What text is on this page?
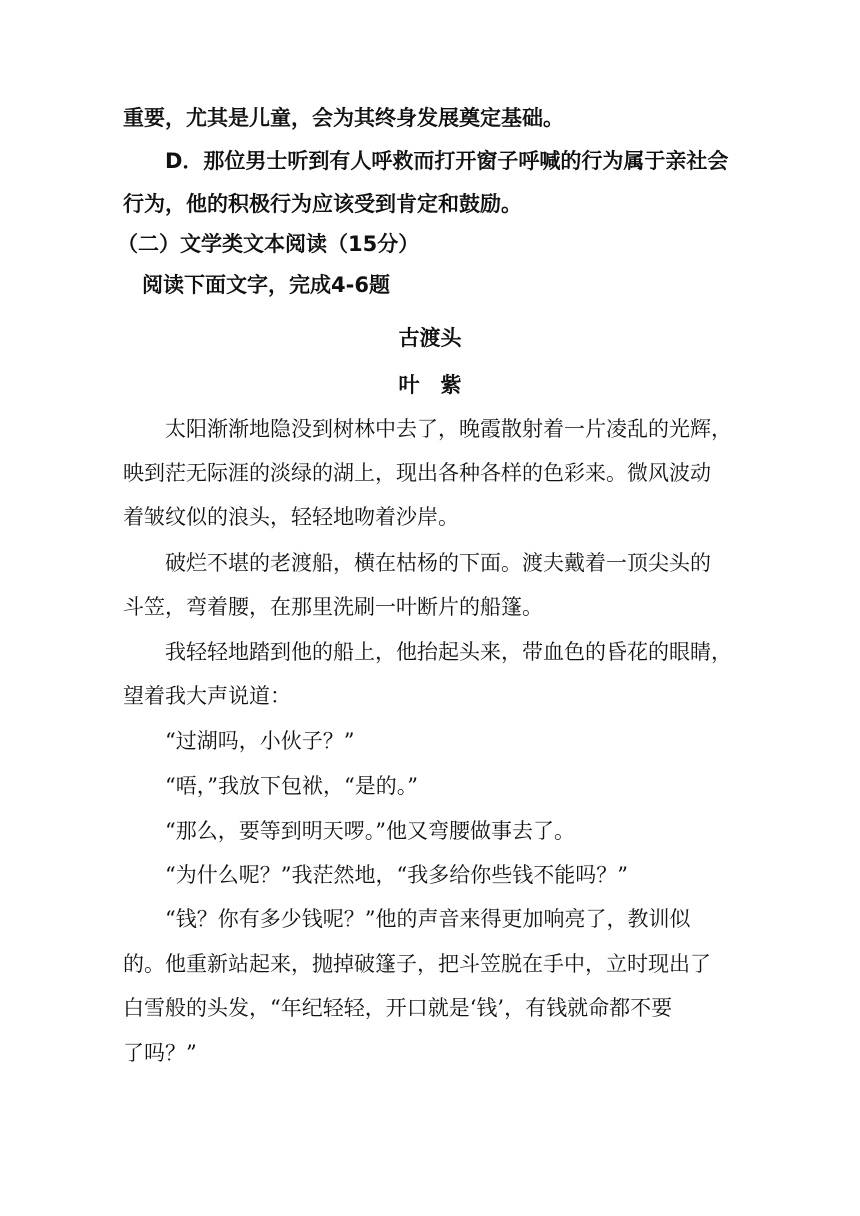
重要，尤其是儿童，会为其终身发展奠定基础。

D．那位男士听到有人呼救而打开窗子呼喊的行为属于亲社会

行为，他的积极行为应该受到肯定和鼓励。

（二）文学类文本阅读（15分）

阅读下面文字，完成4-6题

古渡头

叶　紫

太阳渐渐地隐没到树林中去了，晚霞散射着一片凌乱的光辉，

映到茫无际涯的淡绿的湖上，现出各种各样的色彩来。微风波动

着皱纹似的浪头，轻轻地吻着沙岸。

破烂不堪的老渡船，横在枯杨的下面。渡夫戴着一顶尖头的

斗笠，弯着腰，在那里洗刷一叶断片的船篷。

我轻轻地踏到他的船上，他抬起头来，带血色的昏花的眼睛，

望着我大声说道：

“过湖吗，小伙子？”

“唔，”我放下包袱，“是的。”

“那么，要等到明天啰。”他又弯腰做事去了。

“为什么呢？”我茫然地，“我多给你些钱不能吗？”

“钱？你有多少钱呢？”他的声音来得更加响亮了，教训似

的。他重新站起来，抛掉破篷子，把斗笠脱在手中，立时现出了

白雪般的头发，“年纪轻轻，开口就是‘钱’，有钱就命都不要

了吗？”
